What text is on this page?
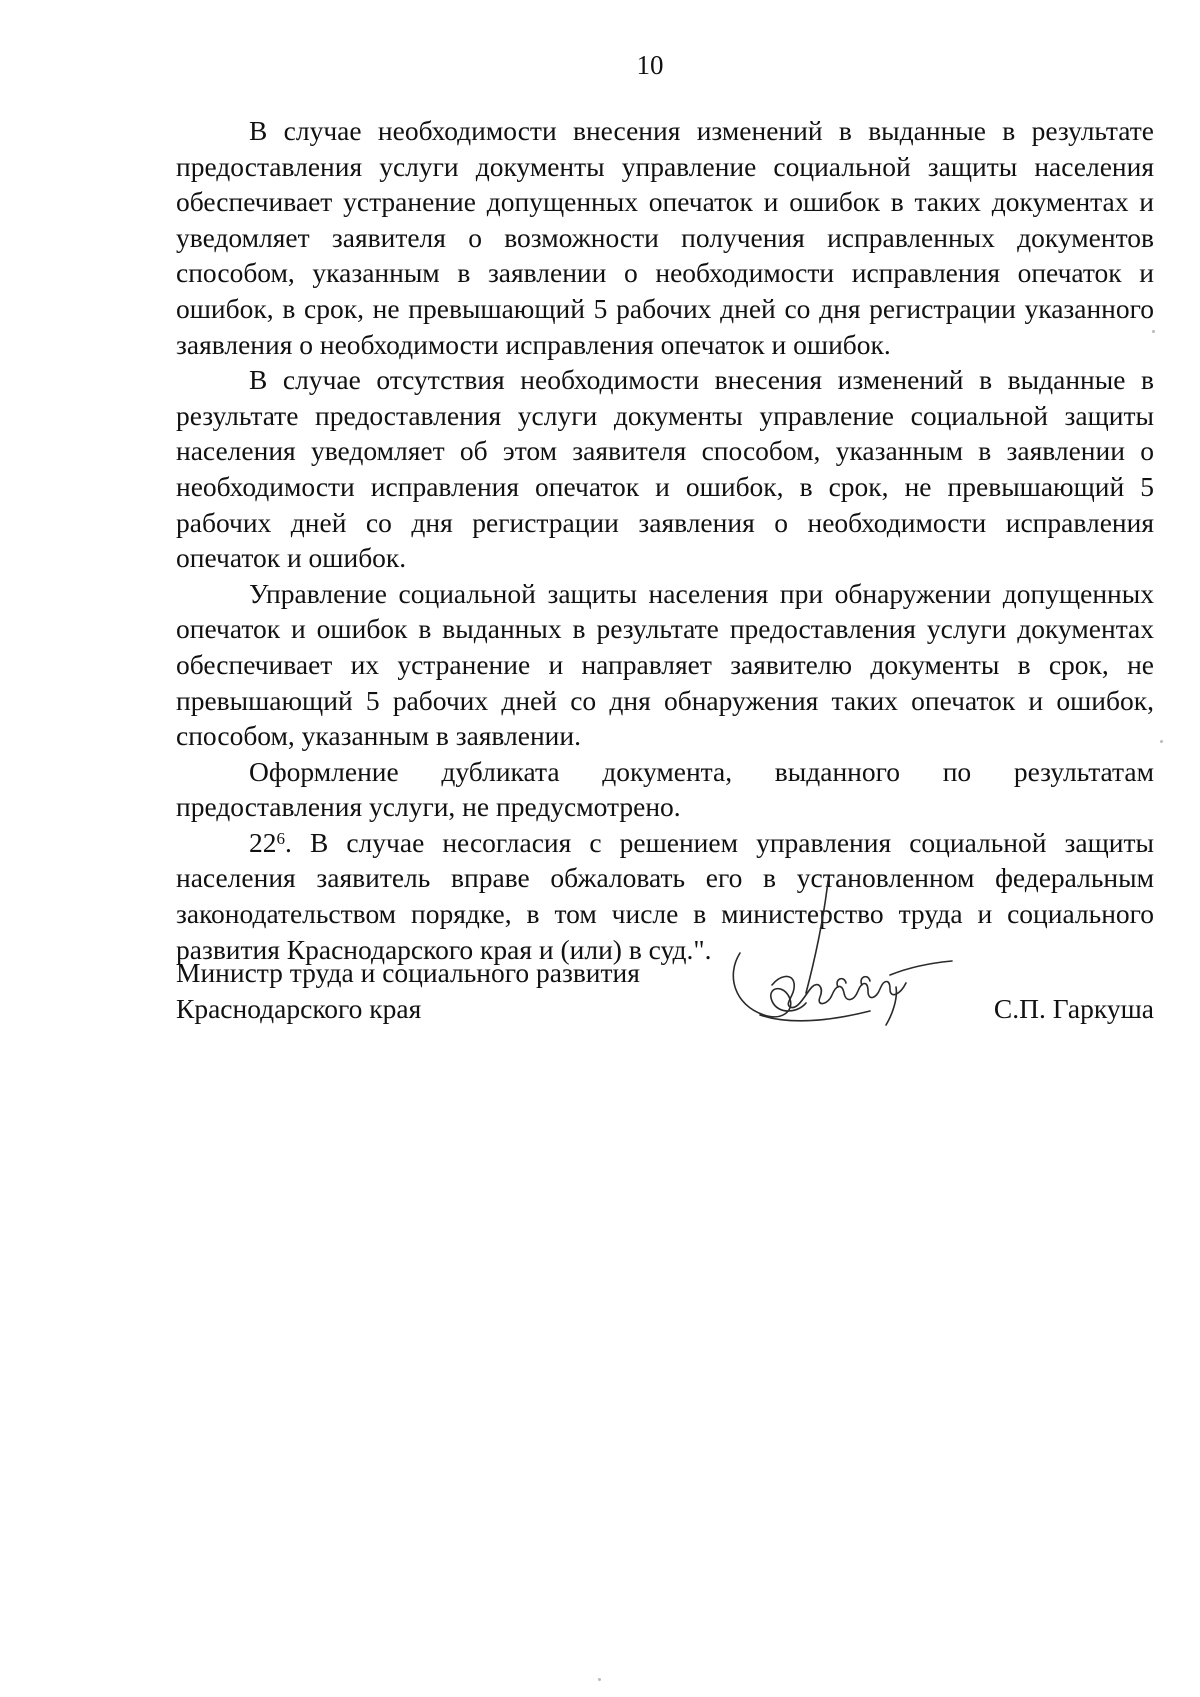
10

В случае необходимости внесения изменений в выданные в результате предоставления услуги документы управление социальной защиты населения обеспечивает устранение допущенных опечаток и ошибок в таких документах и уведомляет заявителя о возможности получения исправленных документов способом, указанным в заявлении о необходимости исправления опечаток и ошибок, в срок, не превышающий 5 рабочих дней со дня регистрации указанного заявления о необходимости исправления опечаток и ошибок.

В случае отсутствия необходимости внесения изменений в выданные в результате предоставления услуги документы управление социальной защиты населения уведомляет об этом заявителя способом, указанным в заявлении о необходимости исправления опечаток и ошибок, в срок, не превышающий 5 рабочих дней со дня регистрации заявления о необходимости исправления опечаток и ошибок.

Управление социальной защиты населения при обнаружении допущенных опечаток и ошибок в выданных в результате предоставления услуги документах обеспечивает их устранение и направляет заявителю документы в срок, не превышающий 5 рабочих дней со дня обнаружения таких опечаток и ошибок, способом, указанным в заявлении.

Оформление дубликата документа, выданного по результатам предоставления услуги, не предусмотрено.

$22^6$. В случае несогласия с решением управления социальной защиты населения заявитель вправе обжаловать его в установленном федеральным законодательством порядке, в том числе в министерство труда и социального развития Краснодарского края и (или) в суд.".

Министр труда и социального развития
Краснодарского края	С.П. Гаркуша
